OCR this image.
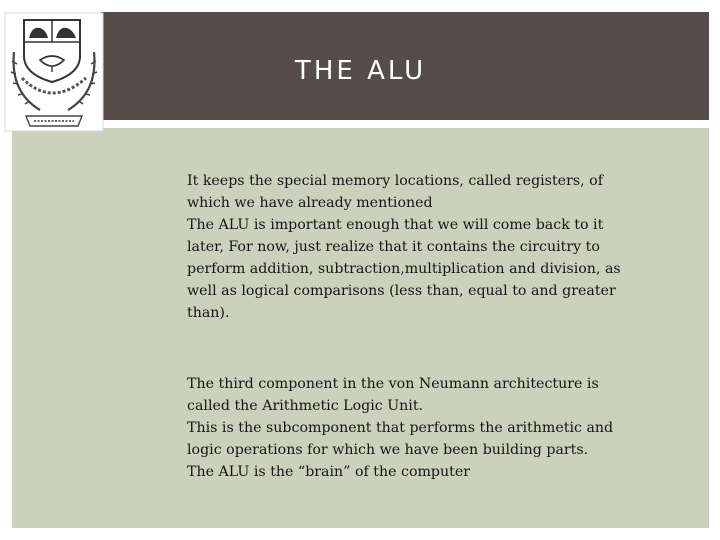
THE ALU

It keeps the special memory locations, called registers, of

which we have already mentioned

The ALU is important enough that we will come back to it

later, For now, just realize that it contains the circuitry to

perform addition, subtraction,multiplication and division, as

well as logical comparisons (less than, equal to and greater

than).

The third component in the von Neumann architecture is

called the Arithmetic Logic Unit.

This is the subcomponent that performs the arithmetic and

logic operations for which we have been building parts.

The ALU is the “brain” of the computer
